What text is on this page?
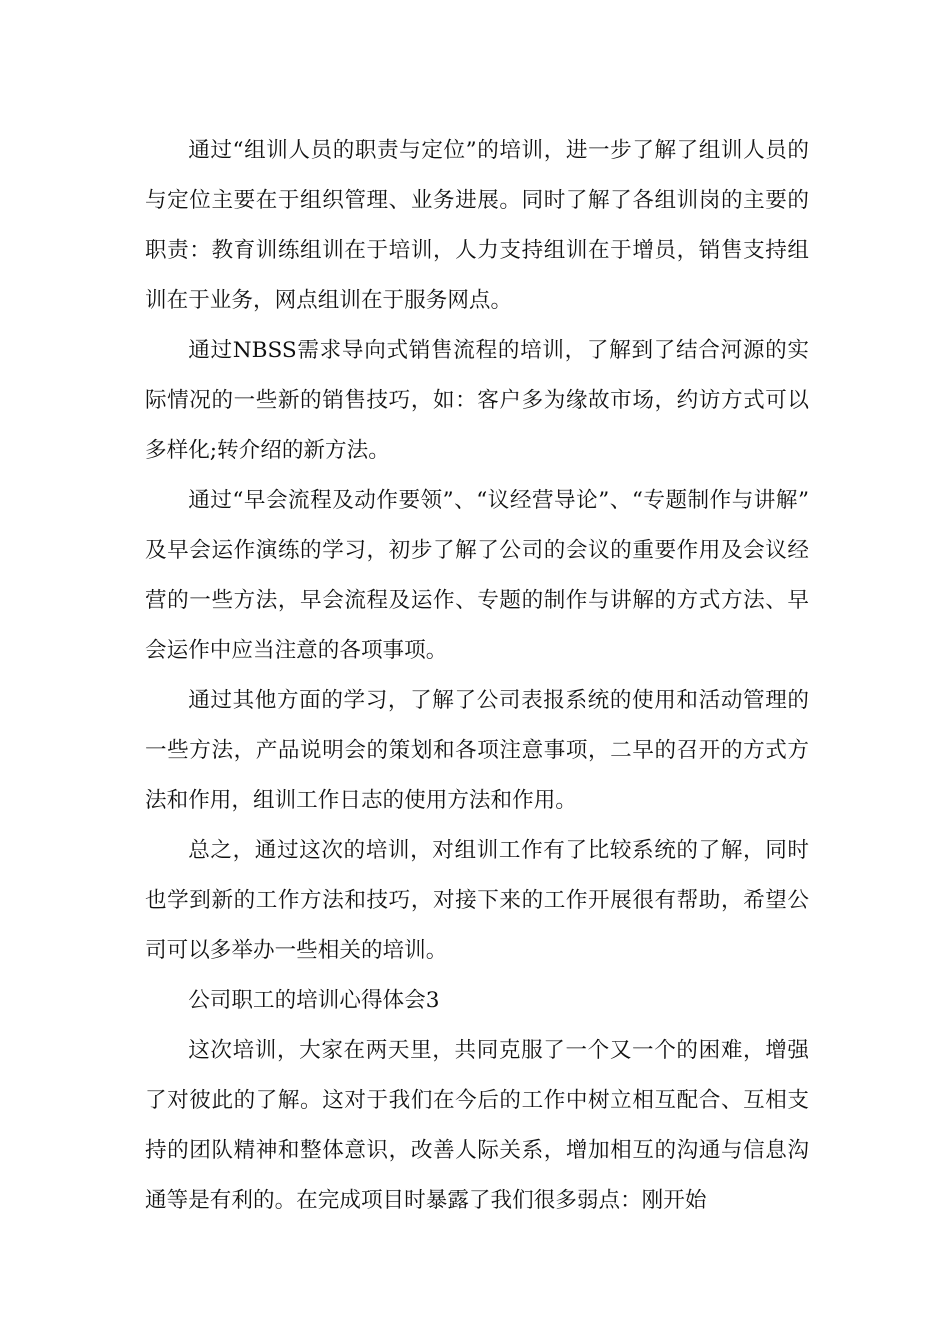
通过“组训人员的职责与定位”的培训，进一步了解了组训人员的与定位主要在于组织管理、业务进展。同时了解了各组训岗的主要的职责：教育训练组训在于培训，人力支持组训在于增员，销售支持组训在于业务，网点组训在于服务网点。

通过NBSS需求导向式销售流程的培训，了解到了结合河源的实际情况的一些新的销售技巧，如：客户多为缘故市场，约访方式可以多样化;转介绍的新方法。

通过“早会流程及动作要领”、“议经营导论”、“专题制作与讲解”及早会运作演练的学习，初步了解了公司的会议的重要作用及会议经营的一些方法，早会流程及运作、专题的制作与讲解的方式方法、早会运作中应当注意的各项事项。

通过其他方面的学习，了解了公司表报系统的使用和活动管理的一些方法，产品说明会的策划和各项注意事项，二早的召开的方式方法和作用，组训工作日志的使用方法和作用。

总之，通过这次的培训，对组训工作有了比较系统的了解，同时也学到新的工作方法和技巧，对接下来的工作开展很有帮助，希望公司可以多举办一些相关的培训。

公司职工的培训心得体会3

这次培训，大家在两天里，共同克服了一个又一个的困难，增强了对彼此的了解。这对于我们在今后的工作中树立相互配合、互相支持的团队精神和整体意识，改善人际关系，增加相互的沟通与信息沟通等是有利的。在完成项目时暴露了我们很多弱点：刚开始
